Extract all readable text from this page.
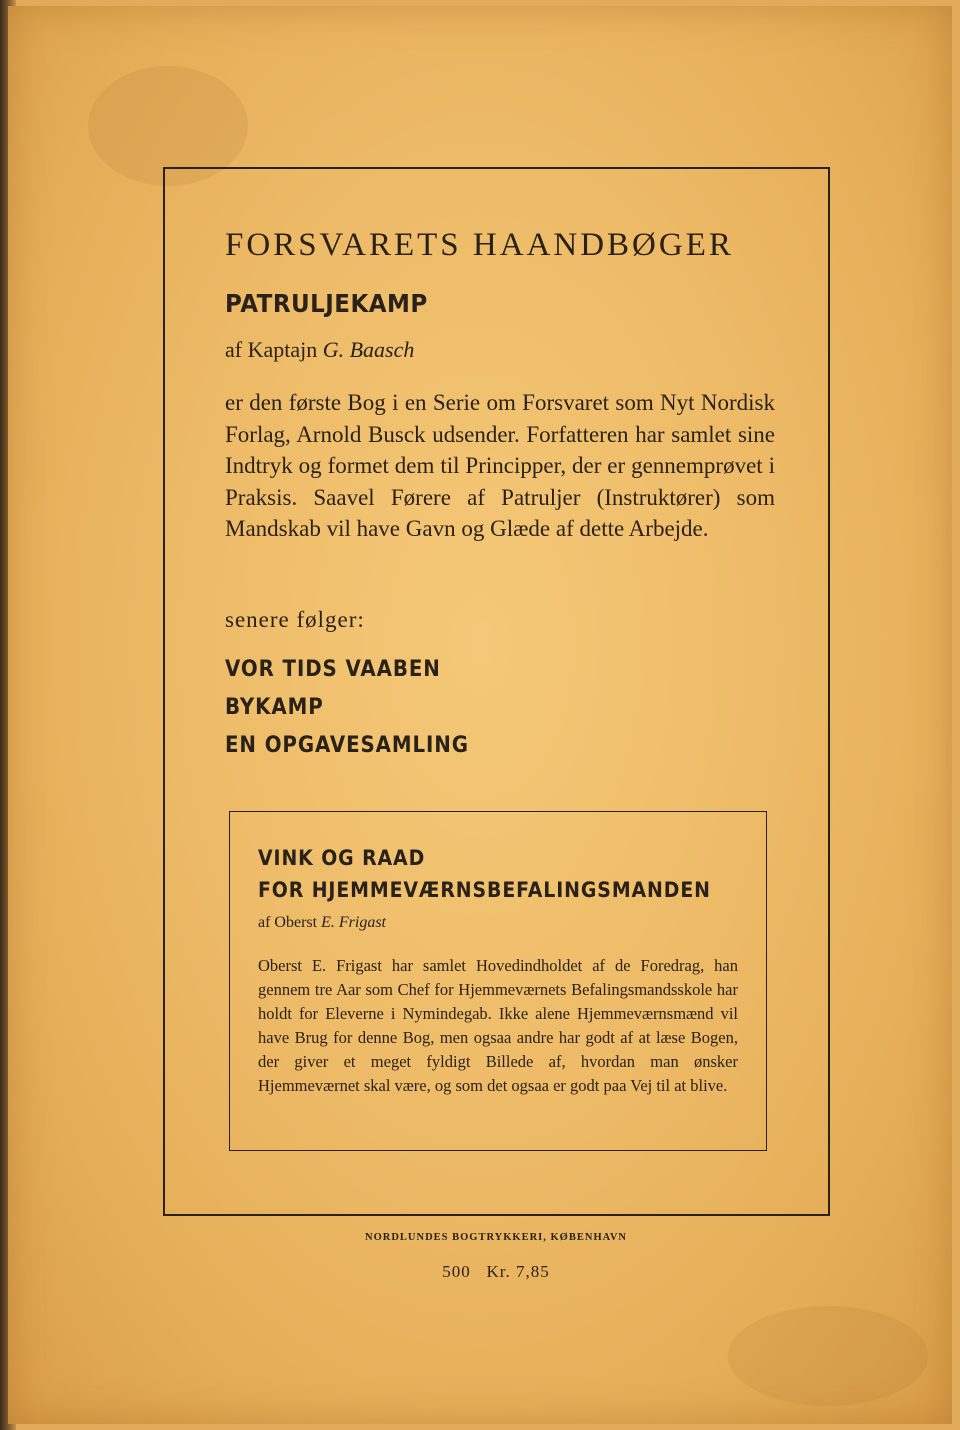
FORSVARETS HAANDBØGER
PATRULJEKAMP
af Kaptajn G. Baasch

er den første Bog i en Serie om Forsvaret som Nyt Nordisk Forlag, Arnold Busck udsender. Forfatteren har samlet sine Indtryk og formet dem til Principper, der er gennemprøvet i Praksis. Saavel Førere af Patruljer (Instruktører) som Mandskab vil have Gavn og Glæde af dette Arbejde.

senere følger:
VOR TIDS VAABEN
BYKAMP
EN OPGAVESAMLING
VINK OG RAAD
FOR HJEMMEVÆRNSBEFALINGSMANDEN
af Oberst E. Frigast

Oberst E. Frigast har samlet Hovedindholdet af de Foredrag, han gennem tre Aar som Chef for Hjemmeværnets Befalingsmandsskole har holdt for Eleverne i Nymindegab. Ikke alene Hjemmeværnsmænd vil have Brug for denne Bog, men ogsaa andre har godt af at læse Bogen, der giver et meget fyldigt Billede af, hvordan man ønsker Hjemmeværnet skal være, og som det ogsaa er godt paa Vej til at blive.

NORDLUNDES BOGTRYKKERI, KØBENHAVN
500   Kr. 7,85
